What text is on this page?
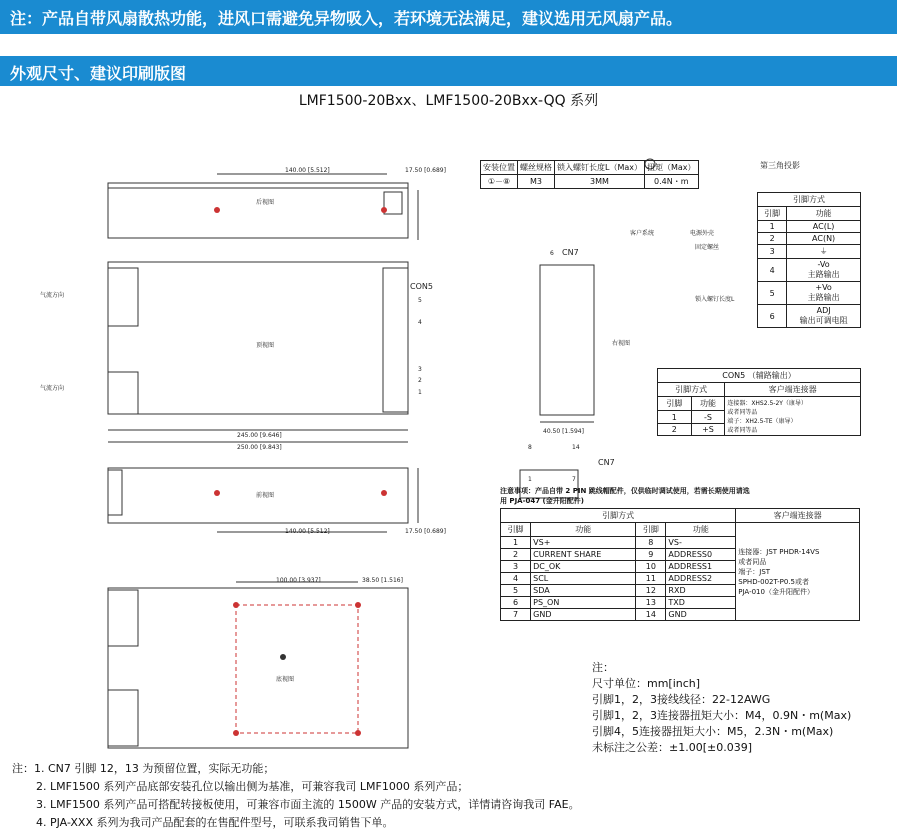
注：产品自带风扇散热功能，进风口需避免异物吸入，若环境无法满足，建议选用无风扇产品。
外观尺寸、建议印刷版图
LMF1500-20Bxx、LMF1500-20Bxx-QQ 系列
后视图
顶视图
前视图
底视图
右视图
气流方向
气流方向
140.00 [5.512]	17.50 [0.689]
245.00 [9.646]
250.00 [9.843]
140.00 [5.512]	17.50 [0.689]
100.00 [3.937]	38.50 [1.516]
40.50 [1.594]
CON5
5
4
3
2
1
6 CN7
CN7
8	14
1	7
安装位置	螺丝规格	锁入螺钉长度L（Max）	扭矩（Max）
①－⑧	M3	3MM	0.4N・m
第三角投影
客户系统	电源外壳
固定螺丝
锁入螺钉长度L
引脚方式	
引脚	功能
1	AC(L)
2	AC(N)
3	⏚
4	-Vo
主路输出

5	+Vo
主路输出

6	ADJ
输出可调电阻
CON5 （辅路输出）		
引脚方式		客户端连接器
引脚	功能	连接器：XHS2.5-2Y（康导）
或者同等品
端子：XH2.5-TE（康导）
或者同等品

1	-S	
2	+S	
注意事项：产品自带 2 PIN 跳线帽配件，仅供临时调试使用，若需长期使用请选用 PJA-047 (金升阳配件)
引脚方式				客户端连接器
引脚	功能	引脚	功能	连接器：JST PHDR-14VS
或者同品
端子：JST
SPHD-002T-P0.5或者
PJA-010（金升阳配件）

1	VS+	8	VS-	
2	CURRENT SHARE	9	ADDRESS0	
3	DC_OK	10	ADDRESS1	
4	SCL	11	ADDRESS2	
5	SDA	12	RXD	
6	PS_ON	13	TXD	
7	GND	14	GND	
注：
尺寸单位：mm[inch]
引脚1，2，3接线线径：22-12AWG
引脚1，2，3连接器扭矩大小：M4，0.9N・m(Max)
引脚4，5连接器扭矩大小：M5，2.3N・m(Max)
未标注之公差：±1.00[±0.039]
注：1. CN7 引脚 12，13 为预留位置，实际无功能；
2. LMF1500 系列产品底部安装孔位以输出侧为基准，可兼容我司 LMF1000 系列产品；
3. LMF1500 系列产品可搭配转接板使用，可兼容市面主流的 1500W 产品的安装方式，详情请咨询我司 FAE。
4. PJA-XXX 系列为我司产品配套的在售配件型号，可联系我司销售下单。
